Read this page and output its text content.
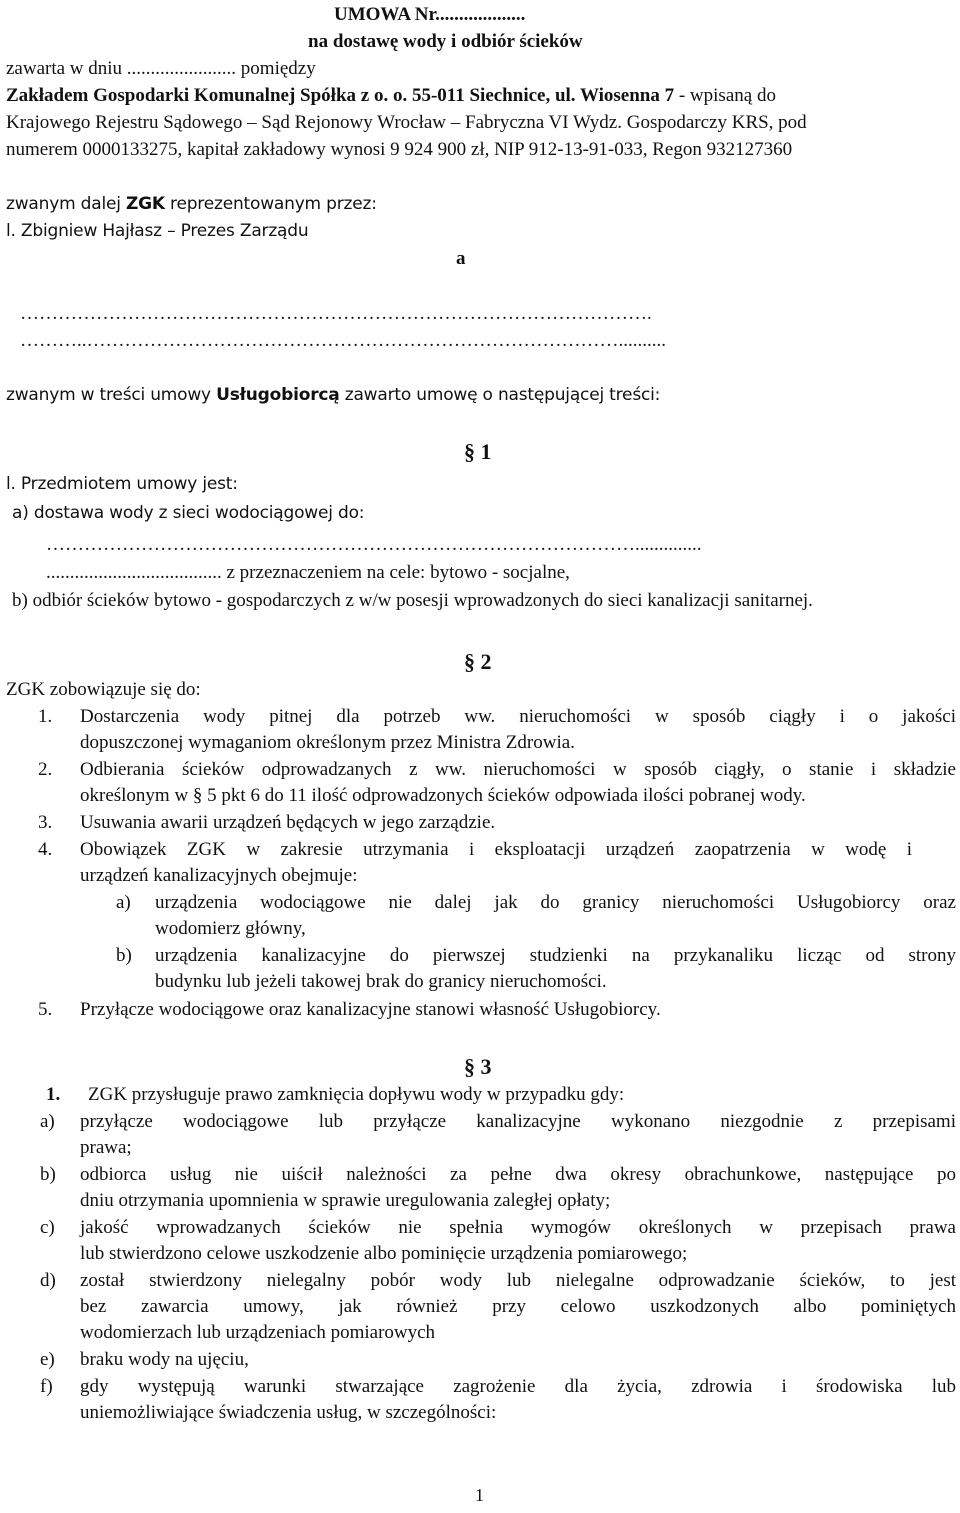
UMOWA Nr...................
na dostawę wody i odbiór ścieków
zawarta w dniu ....................... pomiędzy
Zakładem Gospodarki Komunalnej Spółka z o. o. 55-011 Siechnice, ul. Wiosenna 7 - wpisaną do
Krajowego Rejestru Sądowego – Sąd Rejonowy Wrocław – Fabryczna VI Wydz. Gospodarczy KRS, pod
numerem 0000133275, kapitał zakładowy wynosi 9 924 900 zł, NIP 912-13-91-033, Regon 932127360
zwanym dalej ZGK reprezentowanym przez:
l. Zbigniew Hajłasz – Prezes Zarządu
a
……………………………………………………………………………………….
………..…………………………………………………………………………..........
zwanym w treści umowy Usługobiorcą zawarto umowę o następującej treści:
§ 1
l. Przedmiotem umowy jest:
a) dostawa wody z sieci wodociągowej do:
…………………………………………………………………………………..............
..................................... z przeznaczeniem na cele: bytowo - socjalne,
b) odbiór ścieków bytowo - gospodarczych z w/w posesji wprowadzonych do sieci kanalizacji sanitarnej.
§ 2
ZGK zobowiązuje się do:
1. Dostarczenia wody pitnej dla potrzeb ww. nieruchomości w sposób ciągły i o jakości
dopuszczonej wymaganiom określonym przez Ministra Zdrowia.
2. Odbierania ścieków odprowadzanych z ww. nieruchomości w sposób ciągły, o stanie i składzie
określonym w § 5 pkt 6 do 11 ilość odprowadzonych ścieków odpowiada ilości pobranej wody.
3. Usuwania awarii urządzeń będących w jego zarządzie.
4. Obowiązek ZGK w zakresie utrzymania i eksploatacji urządzeń zaopatrzenia w wodę i
urządzeń kanalizacyjnych obejmuje:
a) urządzenia wodociągowe nie dalej jak do granicy nieruchomości Usługobiorcy oraz
wodomierz główny,
b) urządzenia kanalizacyjne do pierwszej studzienki na przykanaliku licząc od strony
budynku lub jeżeli takowej brak do granicy nieruchomości.
5. Przyłącze wodociągowe oraz kanalizacyjne stanowi własność Usługobiorcy.
§ 3
1. ZGK przysługuje prawo zamknięcia dopływu wody w przypadku gdy:
a) przyłącze wodociągowe lub przyłącze kanalizacyjne wykonano niezgodnie z przepisami
prawa;
b) odbiorca usług nie uiścił należności za pełne dwa okresy obrachunkowe, następujące po
dniu otrzymania upomnienia w sprawie uregulowania zaległej opłaty;
c) jakość wprowadzanych ścieków nie spełnia wymogów określonych w przepisach prawa
lub stwierdzono celowe uszkodzenie albo pominięcie urządzenia pomiarowego;
d) został stwierdzony nielegalny pobór wody lub nielegalne odprowadzanie ścieków, to jest
bez zawarcia umowy, jak również przy celowo uszkodzonych albo pominiętych
wodomierzach lub urządzeniach pomiarowych
e) braku wody na ujęciu,
f) gdy występują warunki stwarzające zagrożenie dla życia, zdrowia i środowiska lub
uniemożliwiające świadczenia usług, w szczególności:
1
